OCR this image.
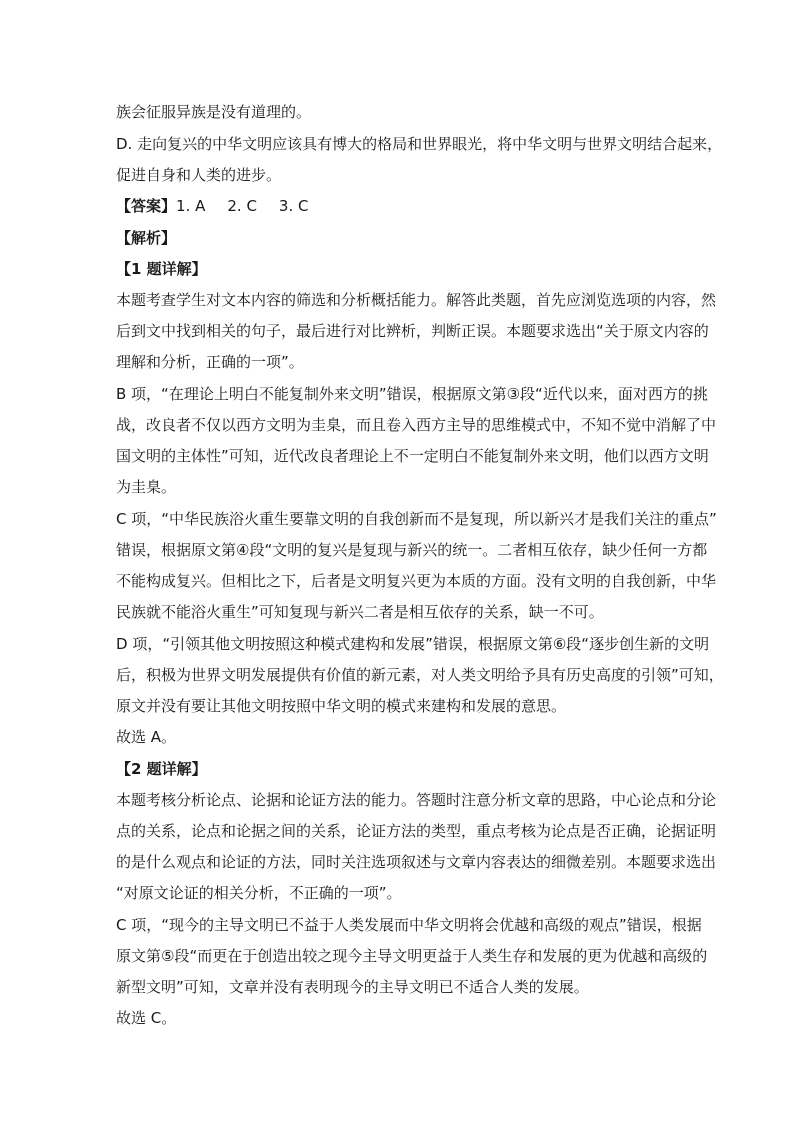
族会征服异族是没有道理的。
D. 走向复兴的中华文明应该具有博大的格局和世界眼光，将中华文明与世界文明结合起来，
促进自身和人类的进步。
【答案】1. A 2. C 3. C
【解析】
【1 题详解】
本题考查学生对文本内容的筛选和分析概括能力。解答此类题，首先应浏览选项的内容，然
后到文中找到相关的句子，最后进行对比辨析，判断正误。本题要求选出“关于原文内容的
理解和分析，正确的一项”。
B 项，“在理论上明白不能复制外来文明”错误，根据原文第③段“近代以来，面对西方的挑
战，改良者不仅以西方文明为圭臬，而且卷入西方主导的思维模式中，不知不觉中消解了中
国文明的主体性”可知，近代改良者理论上不一定明白不能复制外来文明，他们以西方文明
为圭臬。
C 项，“中华民族浴火重生要靠文明的自我创新而不是复现，所以新兴才是我们关注的重点”
错误，根据原文第④段“文明的复兴是复现与新兴的统一。二者相互依存，缺少任何一方都
不能构成复兴。但相比之下，后者是文明复兴更为本质的方面。没有文明的自我创新，中华
民族就不能浴火重生”可知复现与新兴二者是相互依存的关系，缺一不可。
D 项，“引领其他文明按照这种模式建构和发展”错误，根据原文第⑥段“逐步创生新的文明
后，积极为世界文明发展提供有价值的新元素，对人类文明给予具有历史高度的引领”可知，
原文并没有要让其他文明按照中华文明的模式来建构和发展的意思。
故选 A。
【2 题详解】
本题考核分析论点、论据和论证方法的能力。答题时注意分析文章的思路，中心论点和分论
点的关系，论点和论据之间的关系，论证方法的类型，重点考核为论点是否正确，论据证明
的是什么观点和论证的方法，同时关注选项叙述与文章内容表达的细微差别。本题要求选出
“对原文论证的相关分析，不正确的一项”。
C 项，“现今的主导文明已不益于人类发展而中华文明将会优越和高级的观点”错误，根据
原文第⑤段“而更在于创造出较之现今主导文明更益于人类生存和发展的更为优越和高级的
新型文明”可知，文章并没有表明现今的主导文明已不适合人类的发展。
故选 C。
